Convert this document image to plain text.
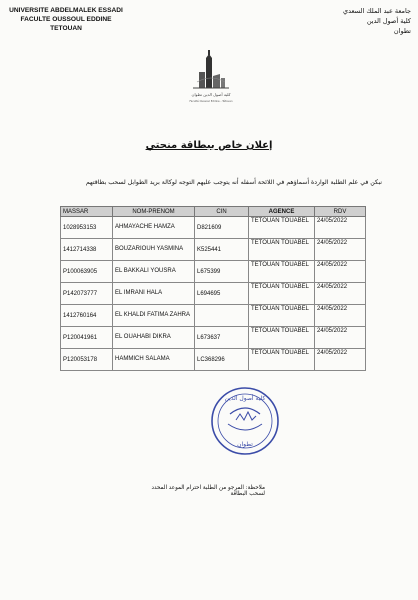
UNIVERSITE ABDELMALEK ESSADI
FACULTE OUSSOUL EDDINE
TETOUAN
جامعة عبد الملك السعدي
كلية أصول الدين
تطوان
كلية أصول الدين تطوان
Faculté Oussoul Eddine - Tétouan
إعلان خاص ببطاقة منحتي
نبكن في علم الطلبة الواردة أسماؤهم في اللائحة أسفله أنه يتوجب عليهم التوجه لوكالة بريد الطوابل لسحب بطاقتهم
MASSAR	NOM-PRENOM	CIN	AGENCE	RDV
1028953153	AHMAYACHE HAMZA	D821609	TETOUAN TOUABEL	24/05/2022
1412714338	BOUZARIOUH YASMINA	K525441	TETOUAN TOUABEL	24/05/2022
P100063905	EL BAKKALI YOUSRA	L675399	TETOUAN TOUABEL	24/05/2022
P142073777	EL IMRANI HALA	L694695	TETOUAN TOUABEL	24/05/2022
1412760164	EL KHALDI FATIMA ZAHRA		TETOUAN TOUABEL	24/05/2022
P120041961	EL OUAHABI DIKRA	L673637	TETOUAN TOUABEL	24/05/2022
P120053178	HAMMICH SALAMA	LC368296	TETOUAN TOUABEL	24/05/2022
كلية أصول الدين
تطوان
ملاحظة: المرجو من الطلبة احترام الموعد المحدد لسحب البطاقة
